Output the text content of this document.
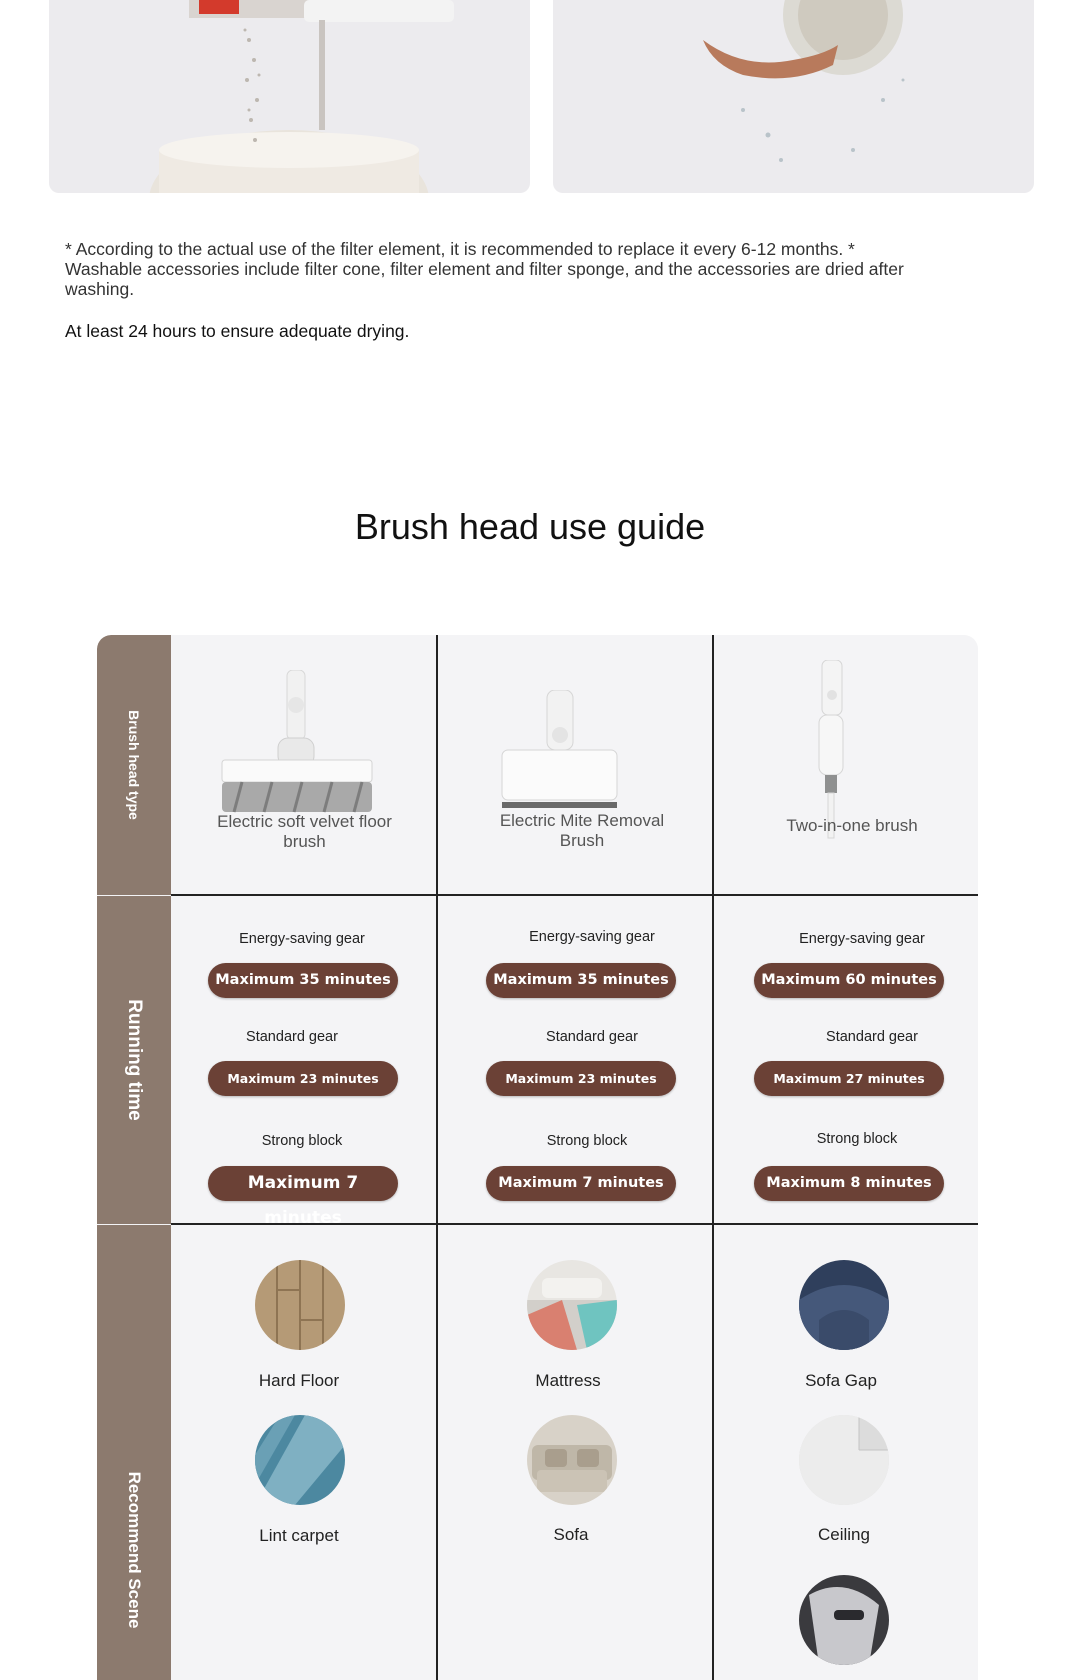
* According to the actual use of the filter element, it is recommended to replace it every 6-12 months. * Washable accessories include filter cone, filter element and filter sponge, and the accessories are dried after washing.

At least 24 hours to ensure adequate drying.

Brush head use guide
Brush head type
Running time
Recommend Scene
Electric soft velvet floor brush
Electric Mite Removal Brush
Two-in-one brush
Energy-saving gear
Maximum 35 minutes
Standard gear
Maximum 23 minutes
Strong block
Maximum 7 minutes
Energy-saving gear
Maximum 35 minutes
Standard gear
Maximum 23 minutes
Strong block
Maximum 7 minutes
Energy-saving gear
Maximum 60 minutes
Standard gear
Maximum 27 minutes
Strong block
Maximum 8 minutes
Hard Floor
Lint carpet
Mattress
Sofa
Sofa Gap
Ceiling
